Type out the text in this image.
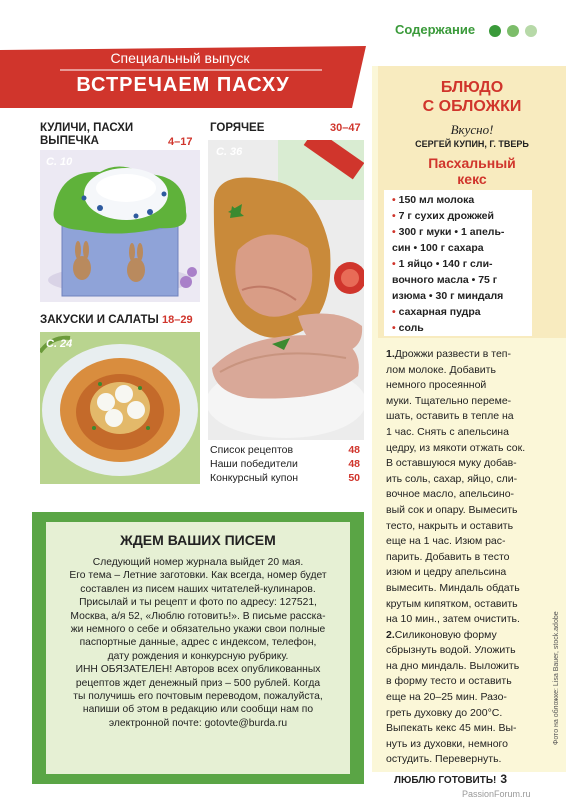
Содержание
Специальный выпуск
ВСТРЕЧАЕМ ПАСХУ
КУЛИЧИ, ПАСХИ
ВЫПЕЧКА	4–17
С. 10
ГОРЯЧЕЕ	30–47
С. 36
ЗАКУСКИ И САЛАТЫ 18–29
С. 24
Список рецептов	48
Наши победители	48
Конкурсный купон	50
ЖДЕМ ВАШИХ ПИСЕМ

Следующий номер журнала выйдет 20 мая.

Его тема – Летние заготовки. Как всегда, номер будет

составлен из писем наших читателей-кулинаров.

Присылай и ты рецепт и фото по адресу: 127521,

Москва, а/я 52, «Люблю готовить!». В письме расска-

жи немного о себе и обязательно укажи свои полные

паспортные данные, адрес с индексом, телефон,

дату рождения и конкурсную рубрику.

ИНН ОБЯЗАТЕЛЕН! Авторов всех опубликованных

рецептов ждет денежный приз – 500 рублей. Когда

ты получишь его почтовым переводом, пожалуйста,

напиши об этом в редакцию или сообщи нам по

электронной почте: gotovte@burda.ru

БЛЮДО
С ОБЛОЖКИ
Вкусно!
СЕРГЕЙ КУПИН, Г. ТВЕРЬ
Пасхальный
кекс
• 150 мл молока
• 7 г сухих дрожжей
• 300 г муки • 1 апель-
син • 100 г сахара
• 1 яйцо • 140 г сли-
вочного масла • 75 г
изюма • 30 г миндаля
• сахарная пудра
• соль

1.Дрожжи развести в теп-

лом молоке. Добавить

немного просеянной

муки. Тщательно переме-

шать, оставить в тепле на

1 час. Снять с апельсина

цедру, из мякоти отжать сок.

В оставшуюся муку добав-

ить соль, сахар, яйцо, сли-

вочное масло, апельсино-

вый сок и опару. Вымесить

тесто, накрыть и оставить

еще на 1 час. Изюм рас-

парить. Добавить в тесто

изюм и цедру апельсина

вымесить. Миндаль обдать

крутым кипятком, оставить

на 10 мин., затем очистить.

2.Силиконовую форму

сбрызнуть водой. Уложить

на дно миндаль. Выложить

в форму тесто и оставить

еще на 20–25 мин. Разо-

греть духовку до 200°С.

Выпекать кекс 45 мин. Вы-

нуть из духовки, немного

остудить. Перевернуть.

Фото на обложке: Lisa Bauer, stock.adobe
ЛЮБЛЮ ГОТОВИТЬ! 3
PassionForum.ru
